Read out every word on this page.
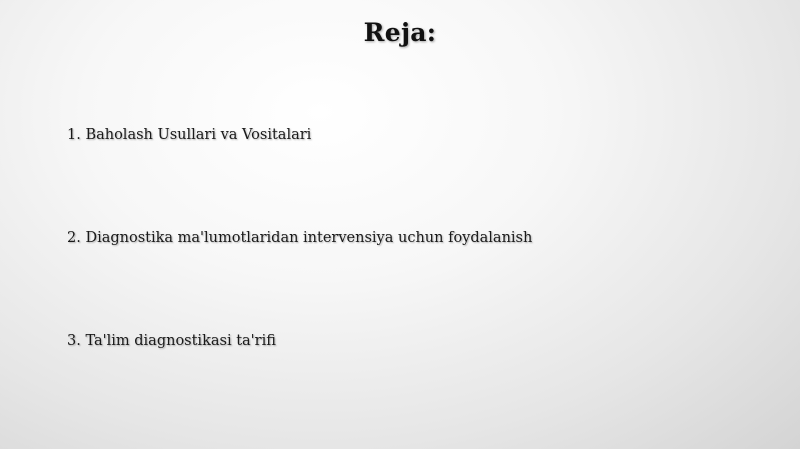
Reja:
1. Baholash Usullari va Vositalari
2. Diagnostika ma'lumotlaridan intervensiya uchun foydalanish
3. Ta'lim diagnostikasi ta'rifi
